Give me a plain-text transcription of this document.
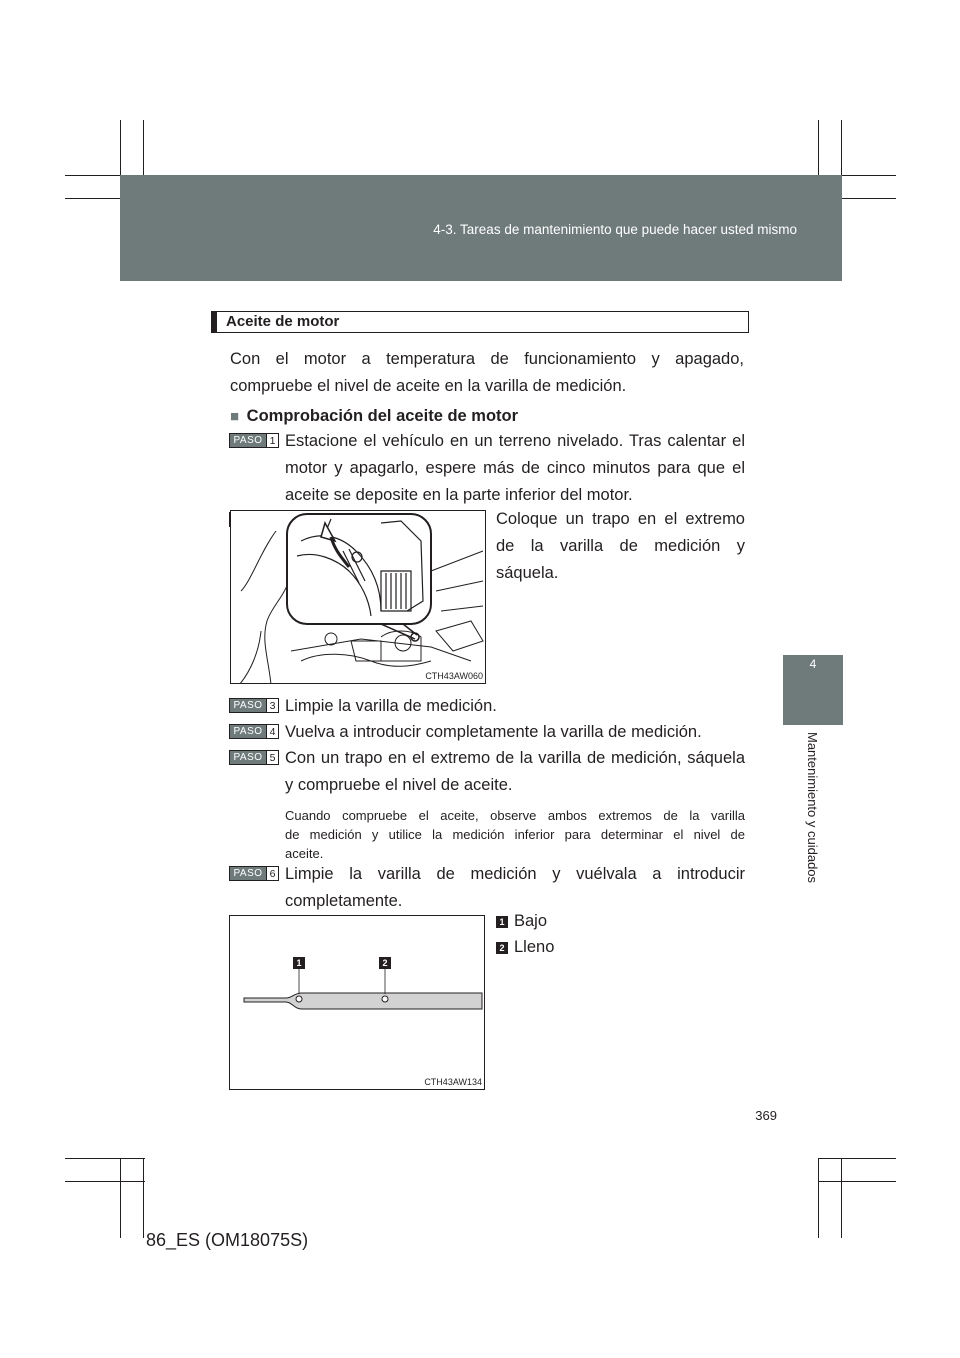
4-3. Tareas de mantenimiento que puede hacer usted mismo
4
Mantenimiento y cuidados
Aceite de motor
Con el motor a temperatura de funcionamiento y apagado,
compruebe el nivel de aceite en la varilla de medición.
■ Comprobación del aceite de motor
PASO 1 Estacione el vehículo en un terreno nivelado. Tras calentar el
motor y apagarlo, espere más de cinco minutos para que el
aceite se deposite en la parte inferior del motor.
CTH43AW060
Coloque un trapo en el extremo
de la varilla de medición y
sáquela.
PASO 3 Limpie la varilla de medición.
PASO 4 Vuelva a introducir completamente la varilla de medición.
PASO 5 Con un trapo en el extremo de la varilla de medición, sáquela
y compruebe el nivel de aceite.
Cuando compruebe el aceite, observe ambos extremos de la varilla
de medición y utilice la medición inferior para determinar el nivel de
aceite.
PASO 6 Limpie la varilla de medición y vuélvala a introducir
completamente.
1	2
CTH43AW134
1 Bajo
2 Lleno
369
86_ES (OM18075S)
